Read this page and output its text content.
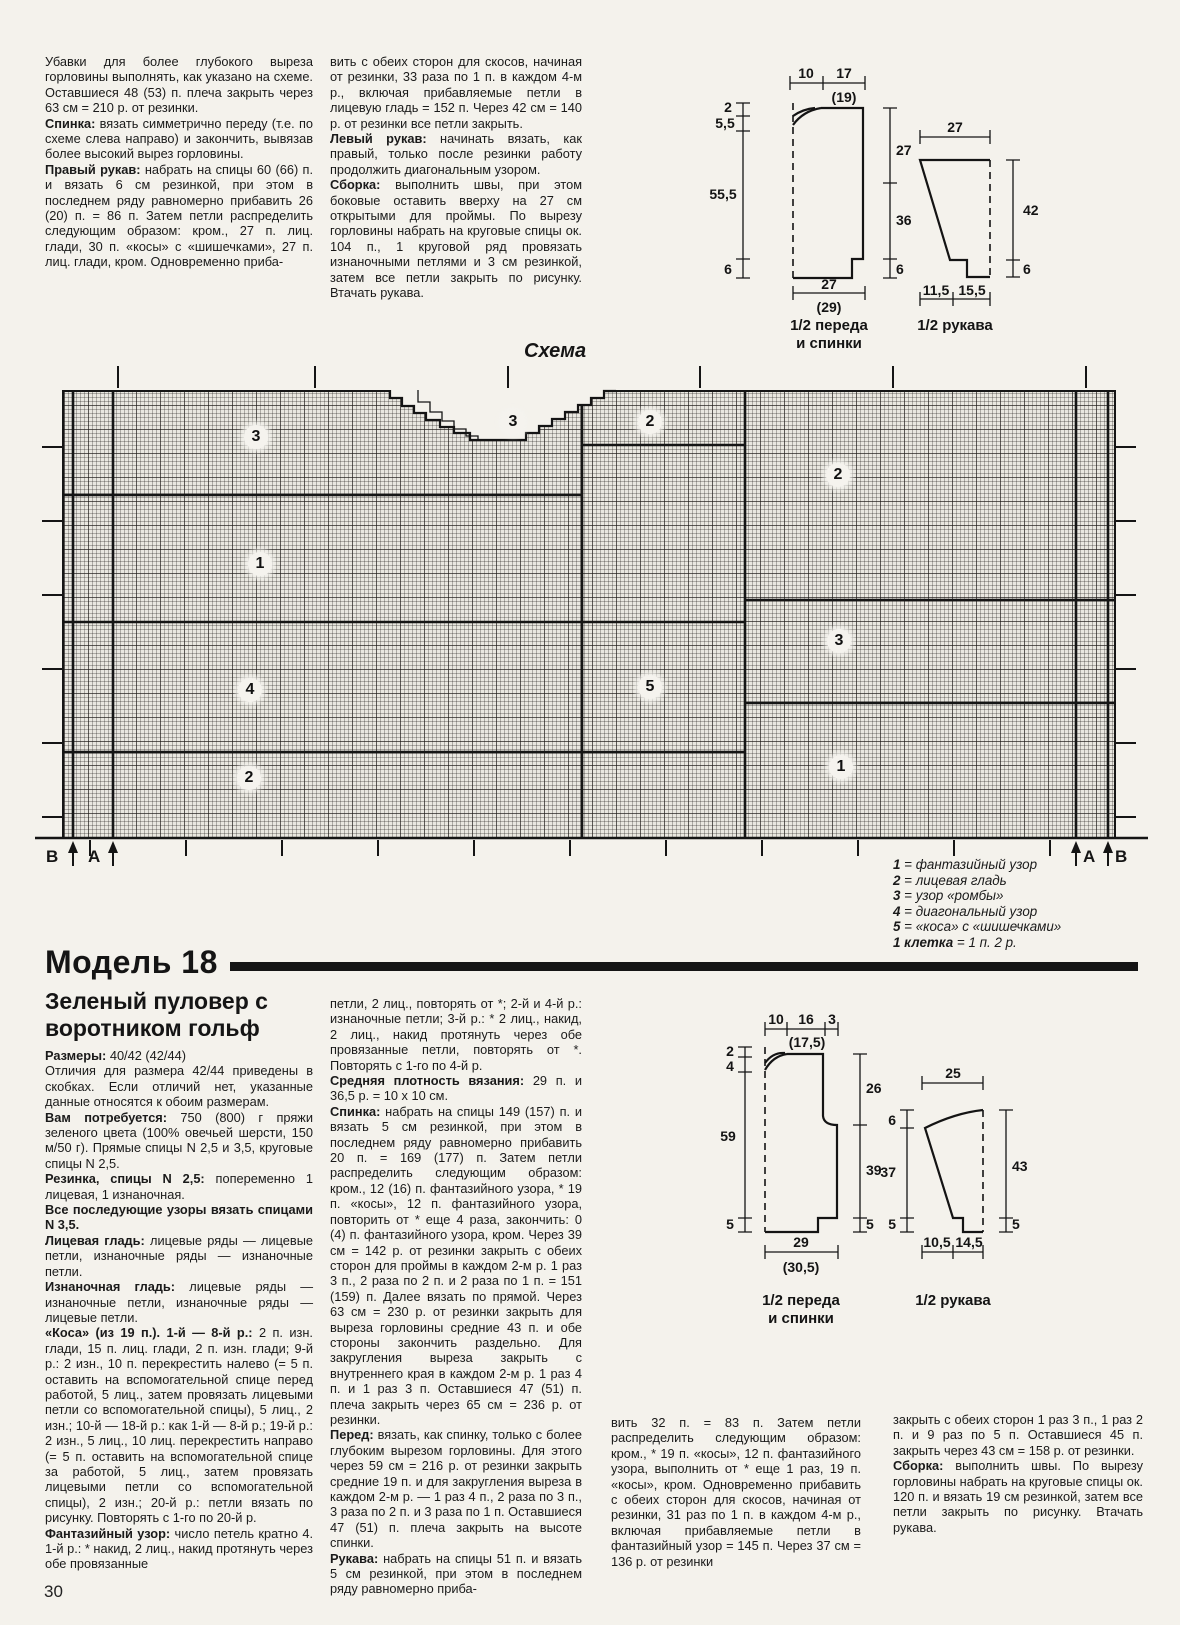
Убавки для более глубокого выреза горловины выполнять, как указано на схеме. Оставшиеся 48 (53) п. плеча закрыть через 63 см = 210 р. от резинки.

Спинка: вязать симметрично переду (т.е. по схеме слева направо) и закончить, вывязав более высокий вырез горловины.

Правый рукав: набрать на спицы 60 (66) п. и вязать 6 см резинкой, при этом в последнем ряду равномерно прибавить 26 (20) п. = 86 п. Затем петли распределить следующим образом: кром., 27 п. лиц. глади, 30 п. «косы» с «шишечками», 27 п. лиц. глади, кром. Одновременно приба-

вить с обеих сторон для скосов, начиная от резинки, 33 раза по 1 п. в каждом 4-м р., включая прибавляемые петли в лицевую гладь = 152 п. Через 42 см = 140 р. от резинки все петли закрыть.

Левый рукав: начинать вязать, как правый, только после резинки работу продолжить диагональным узором.

Сборка: выполнить швы, при этом боковые оставить вверху на 27 см открытыми для проймы. По вырезу горловины набрать на круговые спицы ок. 104 п., 1 круговой ряд провязать изнаночными петлями и 3 см резинкой, затем все петли закрыть по рисунку. Втачать рукава.

10 17
(19)
2
5,5
55,5
6
27
36
6
27
(29)
1/2 переда
и спинки
27
42
6
11,5 15,5
1/2 рукава
Схема
3
3	2
2
1
3
4	5
2
1
В А	А В

1 = фантазийный узор

2 = лицевая гладь

3 = узор «ромбы»

4 = диагональный узор

5 = «коса» с «шишечками»

1 клетка = 1 п. 2 р.

Модель 18
Зеленый пуловер с
воротником гольф

Размеры: 40/42 (42/44)

Отличия для размера 42/44 приведены в скобках. Если отличий нет, указанные данные относятся к обоим размерам.

Вам потребуется: 750 (800) г пряжи зеленого цвета (100% овечьей шерсти, 150 м/50 г). Прямые спицы N 2,5 и 3,5, круговые спицы N 2,5.

Резинка, спицы N 2,5: попеременно 1 лицевая, 1 изнаночная.

Все последующие узоры вязать спицами N 3,5.

Лицевая гладь: лицевые ряды — лицевые петли, изнаночные ряды — изнаночные петли.

Изнаночная гладь: лицевые ряды — изнаночные петли, изнаночные ряды — лицевые петли.

«Коса» (из 19 п.). 1-й — 8-й р.: 2 п. изн. глади, 15 п. лиц. глади, 2 п. изн. глади; 9-й р.: 2 изн., 10 п. перекрестить налево (= 5 п. оставить на вспомогательной спице перед работой, 5 лиц., затем провязать лицевыми петли со вспомогательной спицы), 5 лиц., 2 изн.; 10-й — 18-й р.: как 1-й — 8-й р.; 19-й р.: 2 изн., 5 лиц., 10 лиц. перекрестить направо (= 5 п. оставить на вспомогательной спице за работой, 5 лиц., затем провязать лицевыми петли со вспомогательной спицы), 2 изн.; 20-й р.: петли вязать по рисунку. Повторять с 1-го по 20-й р.

Фантазийный узор: число петель кратно 4. 1-й р.: * накид, 2 лиц., накид протянуть через обе провязанные

петли, 2 лиц., повторять от *; 2-й и 4-й р.: изнаночные петли; 3-й р.: * 2 лиц., накид, 2 лиц., накид протянуть через обе провязанные петли, повторять от *. Повторять с 1-го по 4-й р.

Средняя плотность вязания: 29 п. и 36,5 р. = 10 x 10 см.

Спинка: набрать на спицы 149 (157) п. и вязать 5 см резинкой, при этом в последнем ряду равномерно прибавить 20 п. = 169 (177) п. Затем петли распределить следующим образом: кром., 12 (16) п. фантазийного узора, * 19 п. «косы», 12 п. фантазийного узора, повторить от * еще 4 раза, закончить: 0 (4) п. фантазийного узора, кром. Через 39 см = 142 р. от резинки закрыть с обеих сторон для проймы в каждом 2-м р. 1 раз 3 п., 2 раза по 2 п. и 2 раза по 1 п. = 151 (159) п. Далее вязать по прямой. Через 63 см = 230 р. от резинки закрыть для выреза горловины средние 43 п. и обе стороны закончить раздельно. Для закругления выреза закрыть с внутреннего края в каждом 2-м р. 1 раз 4 п. и 1 раз 3 п. Оставшиеся 47 (51) п. плеча закрыть через 65 см = 236 р. от резинки.

Перед: вязать, как спинку, только с более глубоким вырезом горловины. Для этого через 59 см = 216 р. от резинки закрыть средние 19 п. и для закругления выреза в каждом 2-м р. — 1 раз 4 п., 2 раза по 3 п., 3 раза по 2 п. и 3 раза по 1 п. Оставшиеся 47 (51) п. плеча закрыть на высоте спинки.

Рукава: набрать на спицы 51 п. и вязать 5 см резинкой, при этом в последнем ряду равномерно приба-

вить 32 п. = 83 п. Затем петли распределить следующим образом: кром., * 19 п. «косы», 12 п. фантазийного узора, выполнить от * еще 1 раз, 19 п. «косы», кром. Одновременно прибавить с обеих сторон для скосов, начиная от резинки, 31 раз по 1 п. в каждом 4-м р., включая прибавляемые петли в фантазийный узор = 145 п. Через 37 см = 136 р. от резинки

закрыть с обеих сторон 1 раз 3 п., 1 раз 2 п. и 9 раз по 5 п. Оставшиеся 45 п. закрыть через 43 см = 158 р. от резинки.

Сборка: выполнить швы. По вырезу горловины набрать на круговые спицы ок. 120 п. и вязать 19 см резинкой, затем все петли закрыть по рисунку. Втачать рукава.

10 16
(17,5)
3
2
4
59
5
26
39
5
29
(30,5)
1/2 переда
и спинки
25
6
37
5
43
5
10,5 14,5
1/2 рукава
30
